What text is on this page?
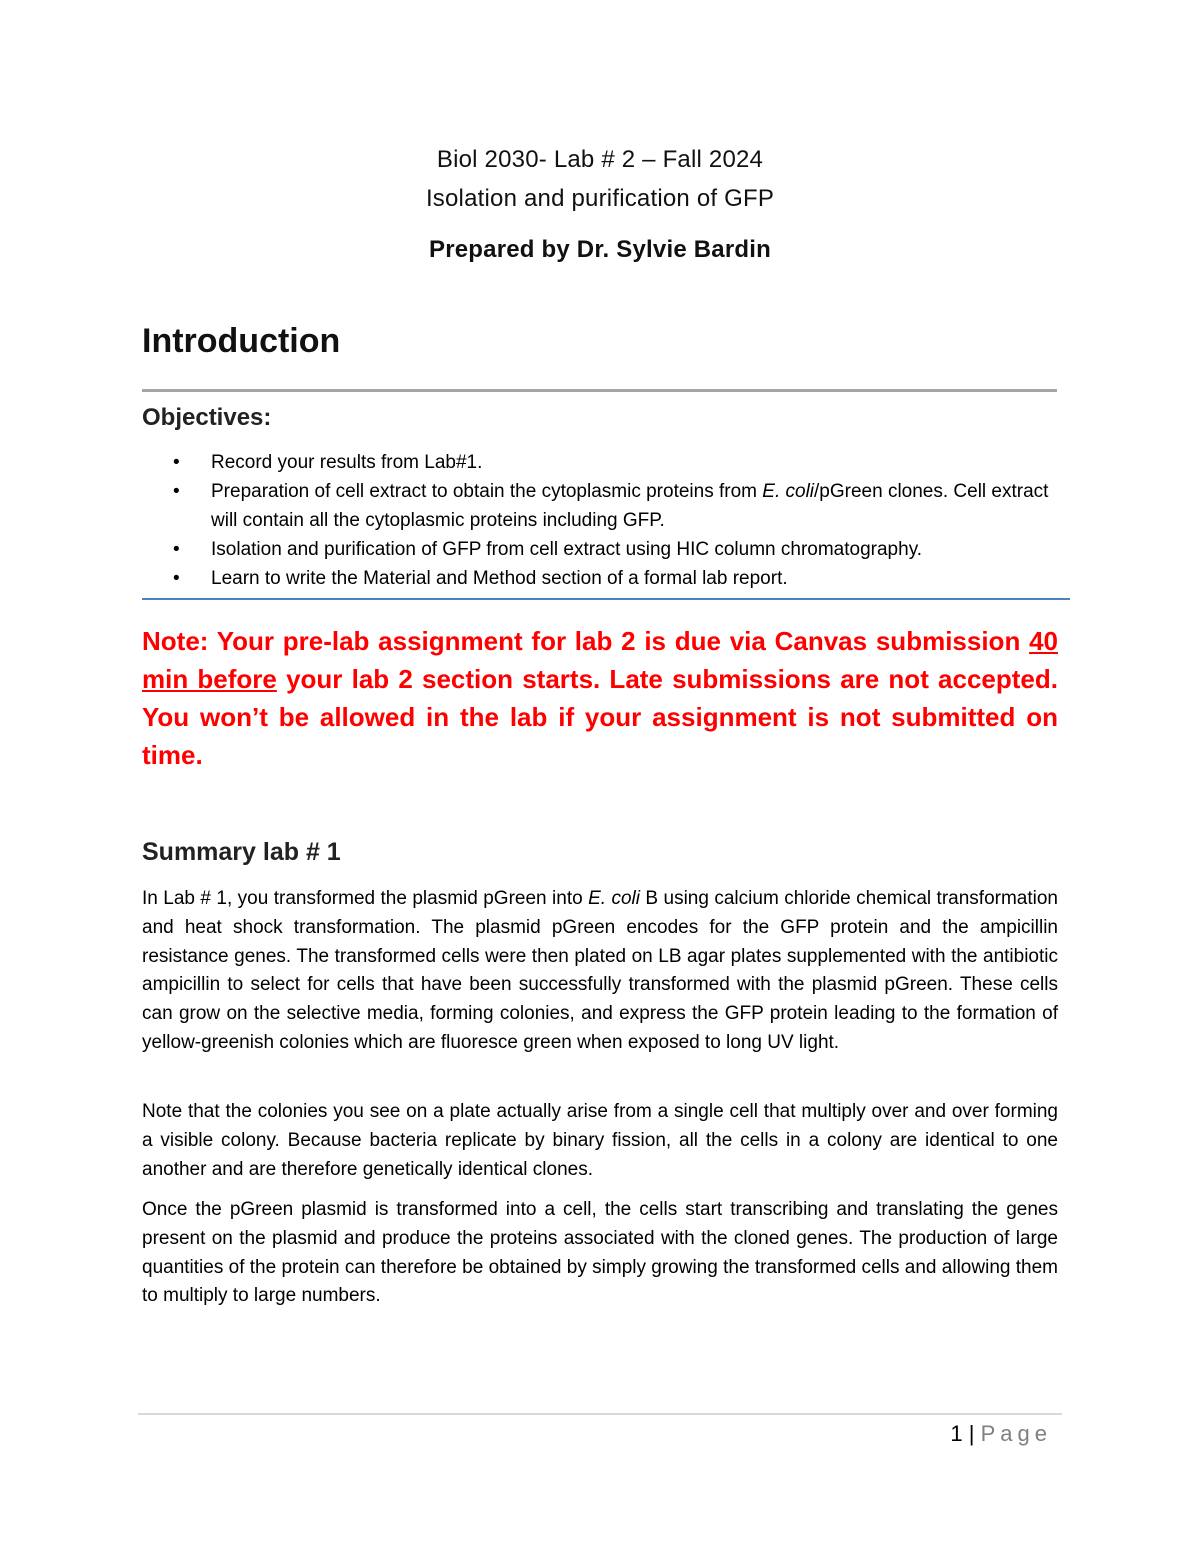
Biol 2030- Lab # 2 – Fall 2024
Isolation and purification of GFP
Prepared by Dr. Sylvie Bardin
Introduction
Objectives:
• Record your results from Lab#1.
• Preparation of cell extract to obtain the cytoplasmic proteins from E. coli/pGreen clones. Cell extract will contain all the cytoplasmic proteins including GFP.
• Isolation and purification of GFP from cell extract using HIC column chromatography.
• Learn to write the Material and Method section of a formal lab report.
Note: Your pre-lab assignment for lab 2 is due via Canvas submission 40 min before your lab 2 section starts. Late submissions are not accepted. You won’t be allowed in the lab if your assignment is not submitted on time.
Summary lab # 1

In Lab # 1, you transformed the plasmid pGreen into E. coli B using calcium chloride chemical transformation and heat shock transformation. The plasmid pGreen encodes for the GFP protein and the ampicillin resistance genes. The transformed cells were then plated on LB agar plates supplemented with the antibiotic ampicillin to select for cells that have been successfully transformed with the plasmid pGreen. These cells can grow on the selective media, forming colonies, and express the GFP protein leading to the formation of yellow-greenish colonies which are fluoresce green when exposed to long UV light.

Note that the colonies you see on a plate actually arise from a single cell that multiply over and over forming a visible colony. Because bacteria replicate by binary fission, all the cells in a colony are identical to one another and are therefore genetically identical clones.

Once the pGreen plasmid is transformed into a cell, the cells start transcribing and translating the genes present on the plasmid and produce the proteins associated with the cloned genes. The production of large quantities of the protein can therefore be obtained by simply growing the transformed cells and allowing them to multiply to large numbers.

1 | Page
